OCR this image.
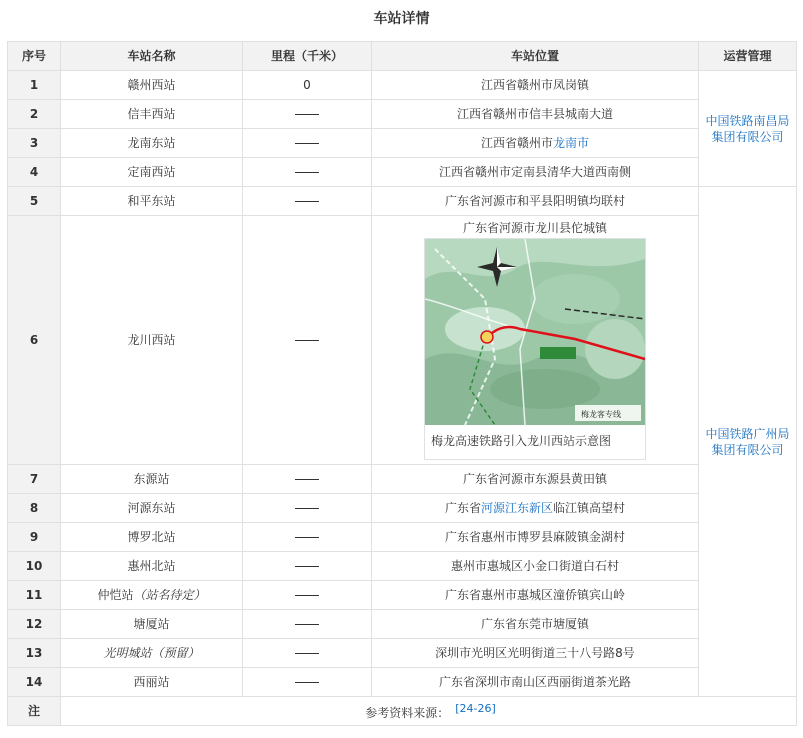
车站详情
序号	车站名称	里程（千米）	车站位置	运营管理
1	赣州西站	0	江西省赣州市凤岗镇	中国铁路南昌局集团有限公司
2	信丰西站		江西省赣州市信丰县城南大道	
3	龙南东站		江西省赣州市龙南市	
4	定南西站		江西省赣州市定南县清华大道西南侧	
5	和平东站		广东省河源市和平县阳明镇均联村	中国铁路广州局集团有限公司
6	龙川西站		广东省河源市龙川县佗城镇
梅龙客专线
梅龙高速铁路引入龙川西站示意图	

7	东源站		广东省河源市东源县黄田镇	
8	河源东站		广东省河源江东新区临江镇高望村	
9	博罗北站		广东省惠州市博罗县麻陂镇金湖村	
10	惠州北站		惠州市惠城区小金口街道白石村	
11	仲恺站（站名待定）		广东省惠州市惠城区潼侨镇宾山岭	
12	塘厦站		广东省东莞市塘厦镇	
13	光明城站（预留）		深圳市光明区光明街道三十八号路8号	
14	西丽站		广东省深圳市南山区西丽街道茶光路	
注	参考资料来源： [24-26]			
